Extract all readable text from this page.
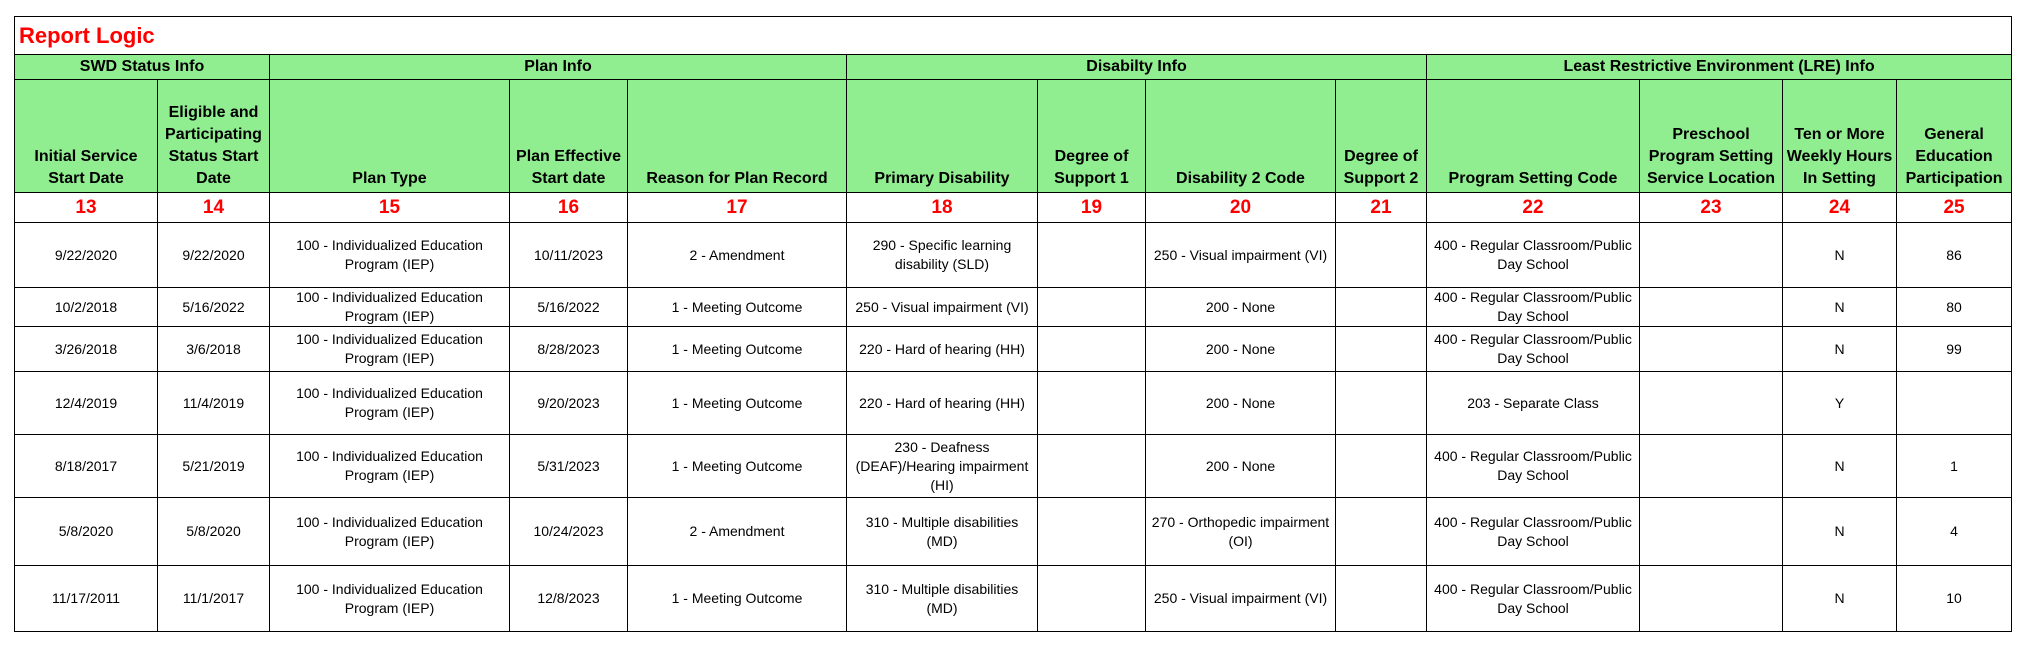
Report Logic												
SWD Status Info		Plan Info			Disabilty Info				Least Restrictive Environment (LRE) Info			
Initial Service Start Date	Eligible and Participating Status Start Date	Plan Type	Plan Effective Start date	Reason for Plan Record	Primary Disability	Degree of Support 1	Disability 2 Code	Degree of Support 2	Program Setting Code	Preschool Program Setting Service Location	Ten or More Weekly Hours In Setting	General Education Participation
13	14	15	16	17	18	19	20	21	22	23	24	25
9/22/2020	9/22/2020	100 - Individualized Education Program (IEP)	10/11/2023	2 - Amendment	290 - Specific learning disability (SLD)		250 - Visual impairment (VI)		400 - Regular Classroom/Public Day School		N	86
10/2/2018	5/16/2022	100 - Individualized Education Program (IEP)	5/16/2022	1 - Meeting Outcome	250 - Visual impairment (VI)		200 - None		400 - Regular Classroom/Public Day School		N	80
3/26/2018	3/6/2018	100 - Individualized Education Program (IEP)	8/28/2023	1 - Meeting Outcome	220 - Hard of hearing (HH)		200 - None		400 - Regular Classroom/Public Day School		N	99
12/4/2019	11/4/2019	100 - Individualized Education Program (IEP)	9/20/2023	1 - Meeting Outcome	220 - Hard of hearing (HH)		200 - None		203 - Separate Class		Y	
8/18/2017	5/21/2019	100 - Individualized Education Program (IEP)	5/31/2023	1 - Meeting Outcome	230 - Deafness (DEAF)/Hearing impairment (HI)		200 - None		400 - Regular Classroom/Public Day School		N	1
5/8/2020	5/8/2020	100 - Individualized Education Program (IEP)	10/24/2023	2 - Amendment	310 - Multiple disabilities (MD)		270 - Orthopedic impairment (OI)		400 - Regular Classroom/Public Day School		N	4
11/17/2011	11/1/2017	100 - Individualized Education Program (IEP)	12/8/2023	1 - Meeting Outcome	310 - Multiple disabilities (MD)		250 - Visual impairment (VI)		400 - Regular Classroom/Public Day School		N	10
